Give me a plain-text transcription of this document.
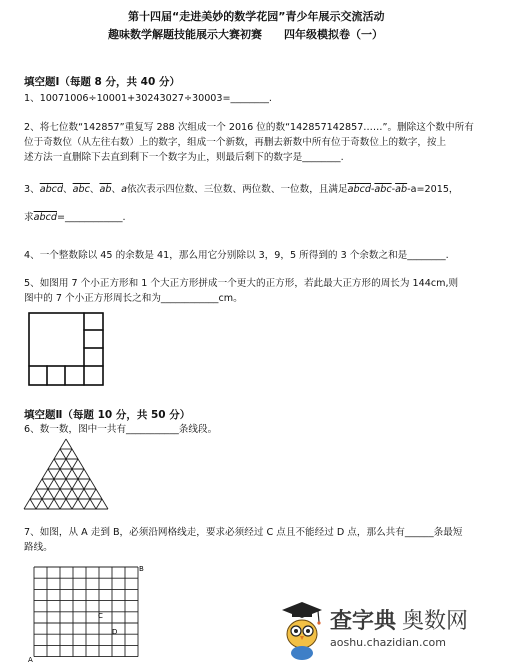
第十四届“走进美妙的数学花园”青少年展示交流活动
趣味数学解题技能展示大赛初赛　　四年级模拟卷（一）
填空题Ⅰ（每题 8 分，共 40 分）
1、10071006÷10001+30243027÷30003=________.
2、将七位数“142857”重复写 288 次组成一个 2016 位的数“142857142857……”。删除这个数中所有
位于奇数位（从左往右数）上的数字，组成一个新数，再删去新数中所有位于奇数位上的数字，按上
述方法一直删除下去直到剩下一个数字为止，则最后剩下的数字是________.
3、abcd、$\overline{abc}$、$\overline{ab}$、a依次表示四位数、三位数、两位数、一位数，且满足abcd-$\overline{abc}-\overline{ab}-a=2015$，
求abcd=____________.
4、一个整数除以 45 的余数是 41，那么用它分别除以 3，9，5 所得到的 3 个余数之和是________.
5、如图用 7 个小正方形和 1 个大正方形拼成一个更大的正方形，若此最大正方形的周长为 144cm,则
图中的 7 个小正方形周长之和为____________cm。
填空题Ⅱ（每题 10 分，共 50 分）
6、数一数，图中一共有___________条线段。
7、如图，从 A 走到 B，必须沿网格线走，要求必须经过 C 点且不能经过 D 点，那么共有______条最短
路线。
A
B
C
D	查字典 奥数网
aoshu.chazidian.com
